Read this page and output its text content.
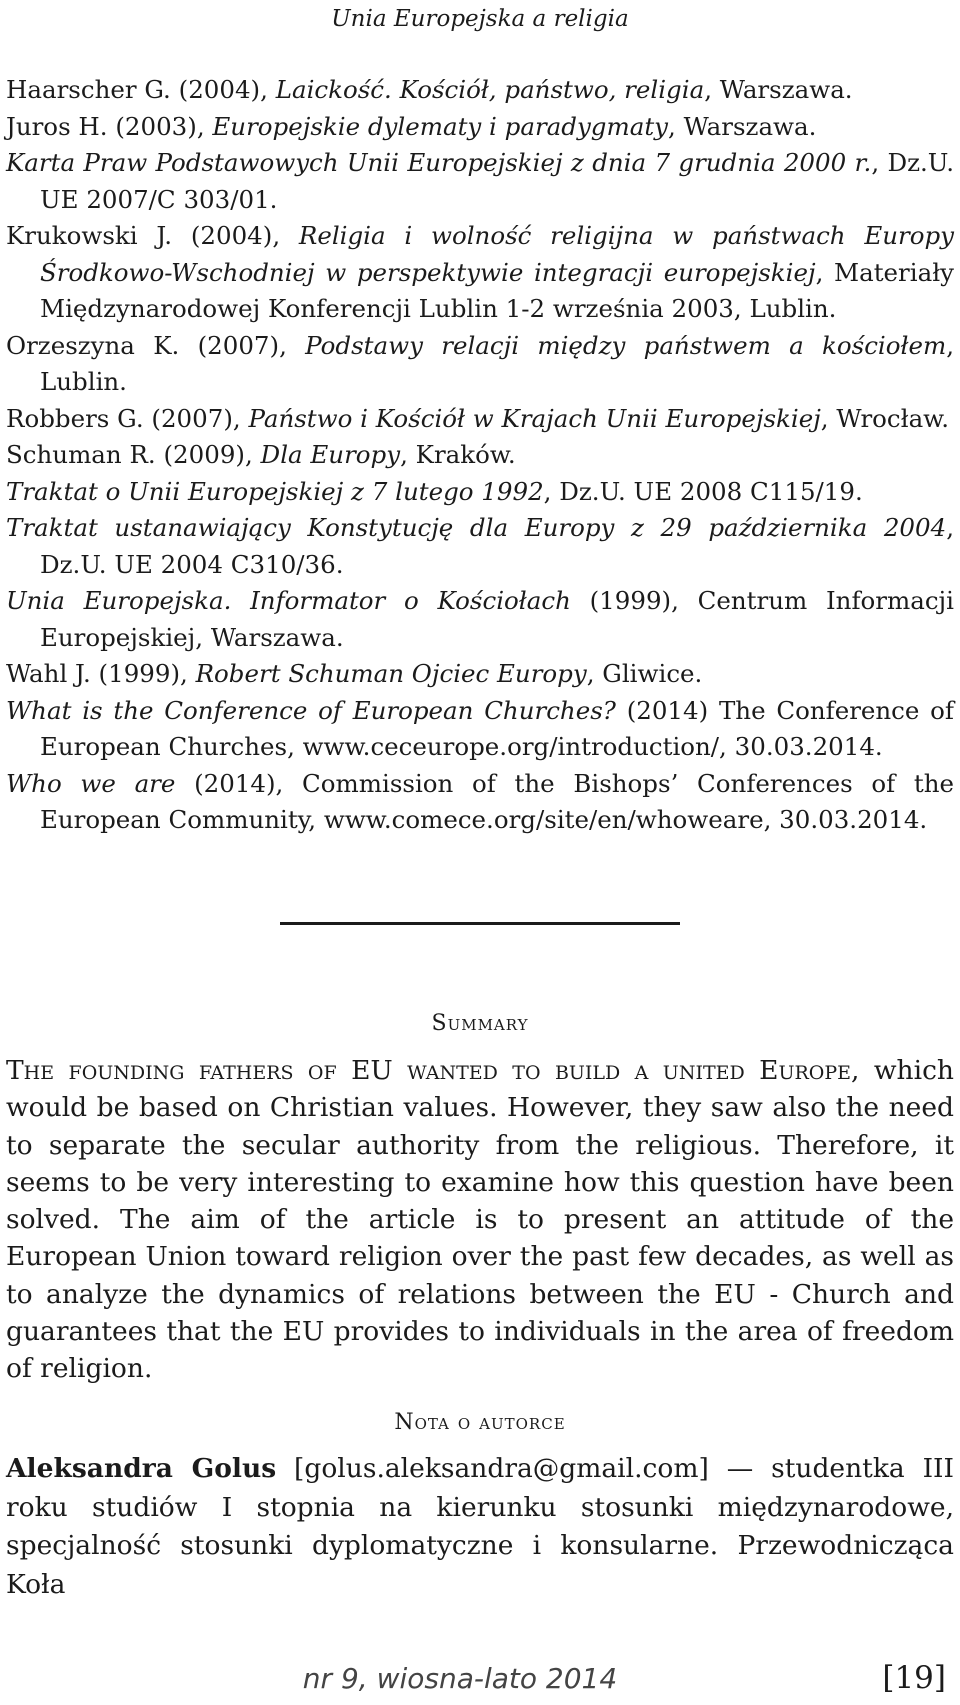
Unia Europejska a religia

Haarscher G. (2004), Laickość. Kościół, państwo, religia, Warszawa.

Juros H. (2003), Europejskie dylematy i paradygmaty, Warszawa.

Karta Praw Podstawowych Unii Europejskiej z dnia 7 grudnia 2000 r., Dz.U. UE 2007/C 303/01.

Krukowski J. (2004), Religia i wolność religijna w państwach Europy Środkowo-Wschodniej w perspektywie integracji europejskiej, Materiały Międzynarodowej Konferencji Lublin 1-2 września 2003, Lublin.

Orzeszyna K. (2007), Podstawy relacji między państwem a kościołem, Lublin.

Robbers G. (2007), Państwo i Kościół w Krajach Unii Europejskiej, Wrocław.

Schuman R. (2009), Dla Europy, Kraków.

Traktat o Unii Europejskiej z 7 lutego 1992, Dz.U. UE 2008 C115/19.

Traktat ustanawiający Konstytucję dla Europy z 29 października 2004, Dz.U. UE 2004 C310/36.

Unia Europejska. Informator o Kościołach (1999), Centrum Informacji Europejskiej, Warszawa.

Wahl J. (1999), Robert Schuman Ojciec Europy, Gliwice.

What is the Conference of European Churches? (2014) The Conference of European Churches, www.ceceurope.org/introduction/, 30.03.2014.

Who we are (2014), Commission of the Bishops’ Conferences of the European Community, www.comece.org/site/en/whoweare, 30.03.2014.

Summary

The founding fathers of EU wanted to build a united Europe, which would be based on Christian values. However, they saw also the need to separate the secular authority from the religious. Therefore, it seems to be very interesting to examine how this question have been solved. The aim of the article is to present an attitude of the European Union toward religion over the past few decades, as well as to analyze the dynamics of relations between the EU - Church and guarantees that the EU provides to individuals in the area of freedom of religion.

Nota o autorce

Aleksandra Golus [golus.aleksandra@gmail.com] — studentka III roku studiów I stopnia na kierunku stosunki międzynarodowe, specjalność stosunki dyplomatyczne i konsularne. Przewodnicząca Koła

nr 9, wiosna-lato 2014	[19]
